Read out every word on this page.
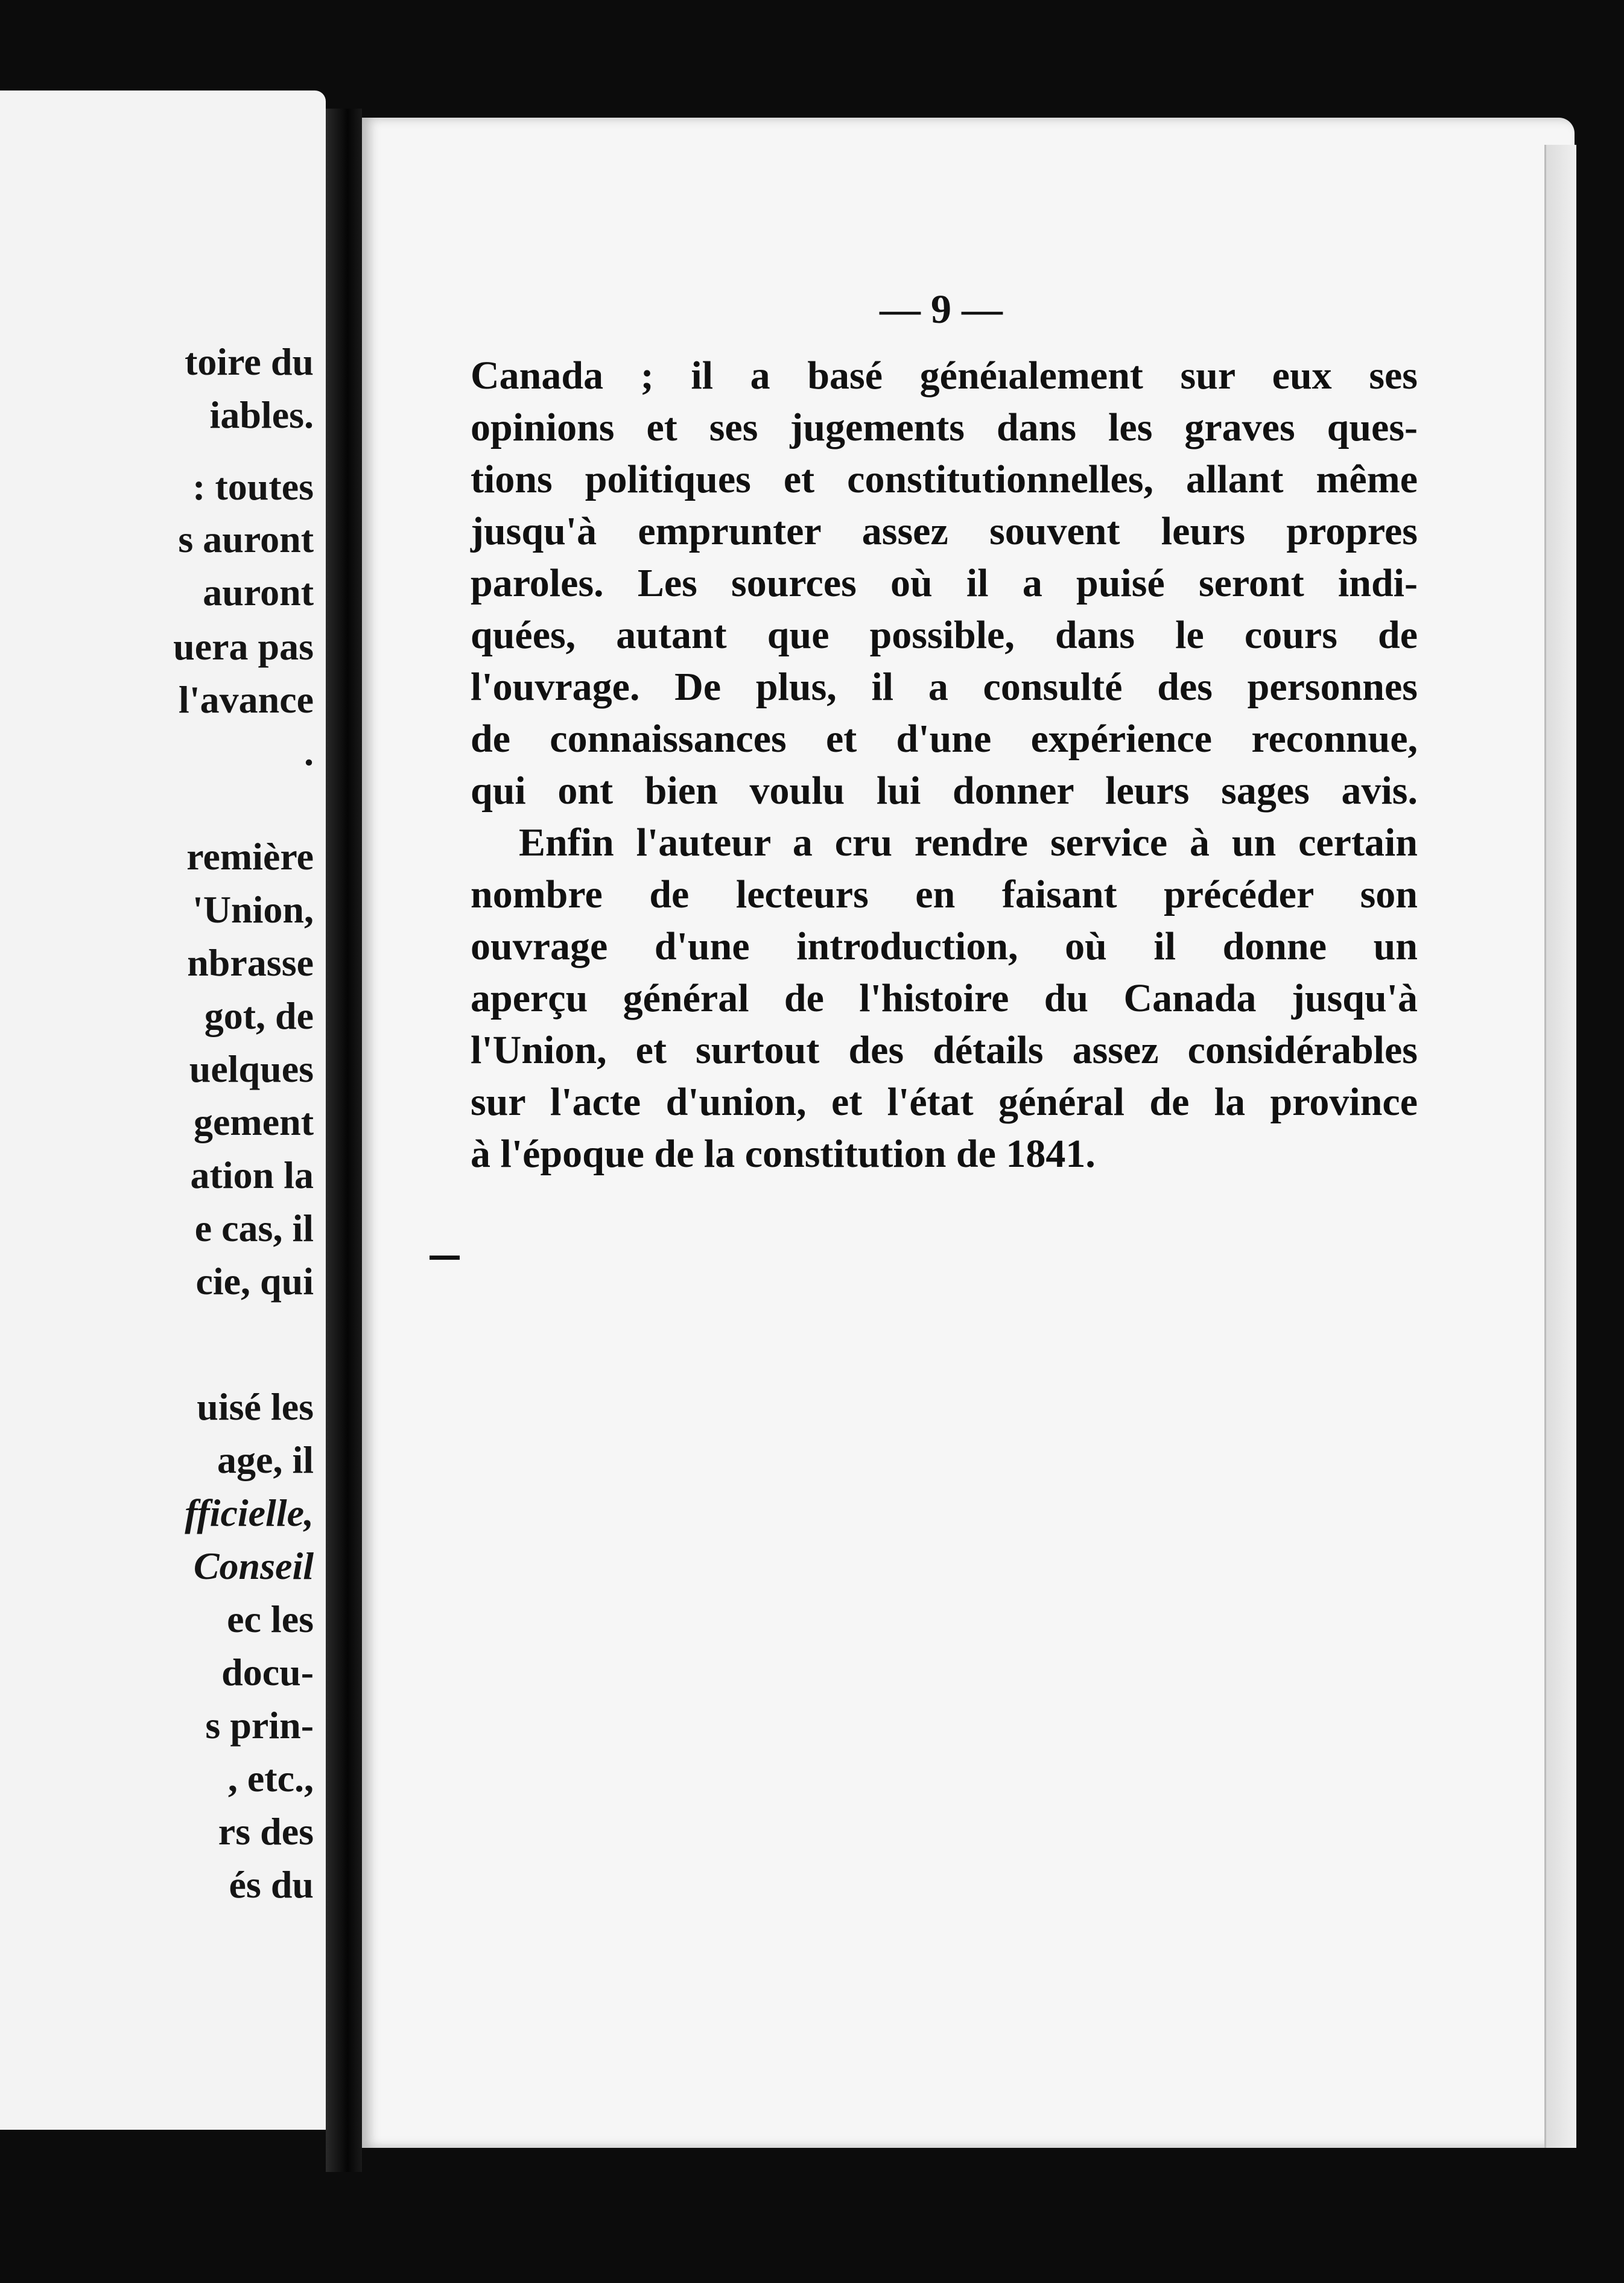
toire du
iables.
: toutes
s auront
auront
uera pas
l'avance
.
remière
'Union,
nbrasse
got, de
uelques
gement
ation la
e cas, il
cie, qui
uisé les
age, il
fficielle,
Conseil
ec les
docu-
s prin-
, etc.,
rs des
és du
— 9 —
Canada ; il a basé généıalement sur eux ses
opinions et ses jugements dans les graves ques-
tions politiques et constitutionnelles, allant même
jusqu'à emprunter assez souvent leurs propres
paroles. Les sources où il a puisé seront indi-
quées, autant que possible, dans le cours de
l'ouvrage. De plus, il a consulté des personnes
de connaissances et d'une expérience reconnue,
qui ont bien voulu lui donner leurs sages avis.
Enfin l'auteur a cru rendre service à un certain
nombre de lecteurs en faisant précéder son
ouvrage d'une introduction, où il donne un
aperçu général de l'histoire du Canada jusqu'à
l'Union, et surtout des détails assez considérables
sur l'acte d'union, et l'état général de la province
à l'époque de la constitution de 1841.
